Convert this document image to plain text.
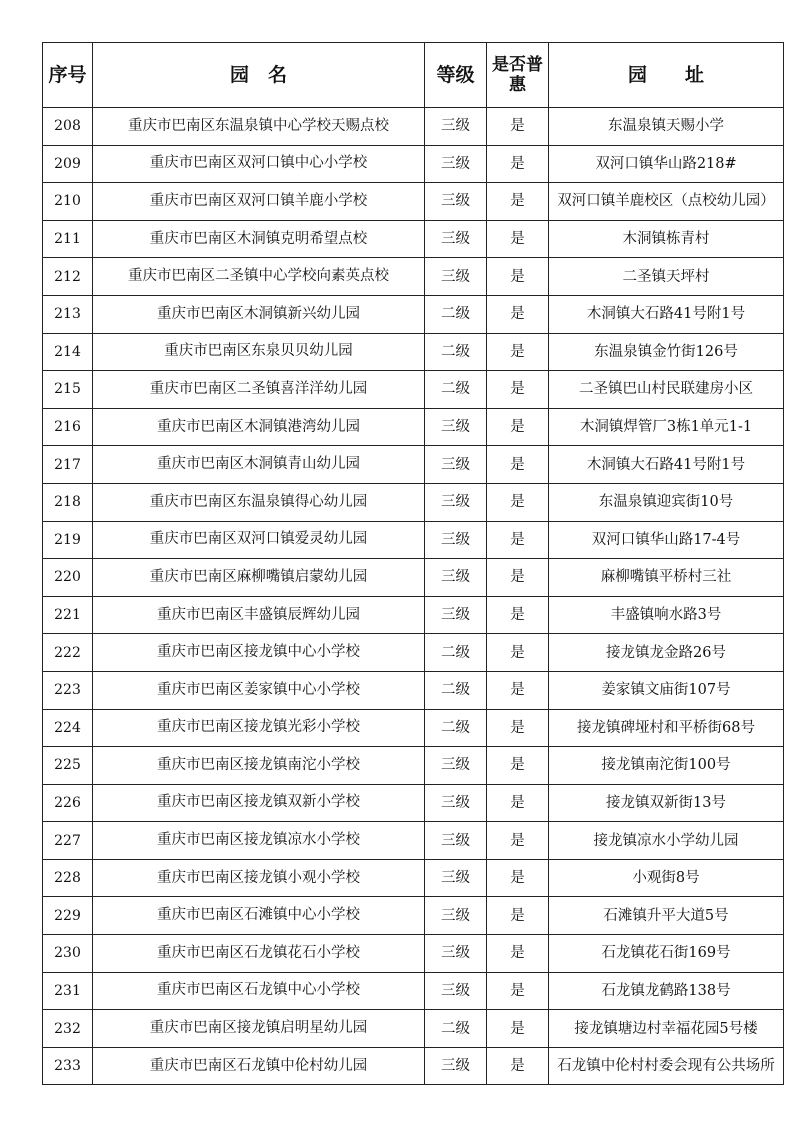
序号	园　名	等级	是否普惠	园　　址
208	重庆市巴南区东温泉镇中心学校天赐点校	三级	是	东温泉镇天赐小学
209	重庆市巴南区双河口镇中心小学校	三级	是	双河口镇华山路218#
210	重庆市巴南区双河口镇羊鹿小学校	三级	是	双河口镇羊鹿校区（点校幼儿园）
211	重庆市巴南区木洞镇克明希望点校	三级	是	木洞镇栋青村
212	重庆市巴南区二圣镇中心学校向素英点校	三级	是	二圣镇天坪村
213	重庆市巴南区木洞镇新兴幼儿园	二级	是	木洞镇大石路41号附1号
214	重庆市巴南区东泉贝贝幼儿园	二级	是	东温泉镇金竹街126号
215	重庆市巴南区二圣镇喜洋洋幼儿园	二级	是	二圣镇巴山村民联建房小区
216	重庆市巴南区木洞镇港湾幼儿园	三级	是	木洞镇焊管厂3栋1单元1-1
217	重庆市巴南区木洞镇青山幼儿园	三级	是	木洞镇大石路41号附1号
218	重庆市巴南区东温泉镇得心幼儿园	三级	是	东温泉镇迎宾街10号
219	重庆市巴南区双河口镇爱灵幼儿园	三级	是	双河口镇华山路17-4号
220	重庆市巴南区麻柳嘴镇启蒙幼儿园	三级	是	麻柳嘴镇平桥村三社
221	重庆市巴南区丰盛镇辰辉幼儿园	三级	是	丰盛镇响水路3号
222	重庆市巴南区接龙镇中心小学校	二级	是	接龙镇龙金路26号
223	重庆市巴南区姜家镇中心小学校	二级	是	姜家镇文庙街107号
224	重庆市巴南区接龙镇光彩小学校	二级	是	接龙镇碑垭村和平桥街68号
225	重庆市巴南区接龙镇南沱小学校	三级	是	接龙镇南沱街100号
226	重庆市巴南区接龙镇双新小学校	三级	是	接龙镇双新街13号
227	重庆市巴南区接龙镇凉水小学校	三级	是	接龙镇凉水小学幼儿园
228	重庆市巴南区接龙镇小观小学校	三级	是	小观街8号
229	重庆市巴南区石滩镇中心小学校	三级	是	石滩镇升平大道5号
230	重庆市巴南区石龙镇花石小学校	三级	是	石龙镇花石街169号
231	重庆市巴南区石龙镇中心小学校	三级	是	石龙镇龙鹤路138号
232	重庆市巴南区接龙镇启明星幼儿园	二级	是	接龙镇塘边村幸福花园5号楼
233	重庆市巴南区石龙镇中伦村幼儿园	三级	是	石龙镇中伦村村委会现有公共场所
